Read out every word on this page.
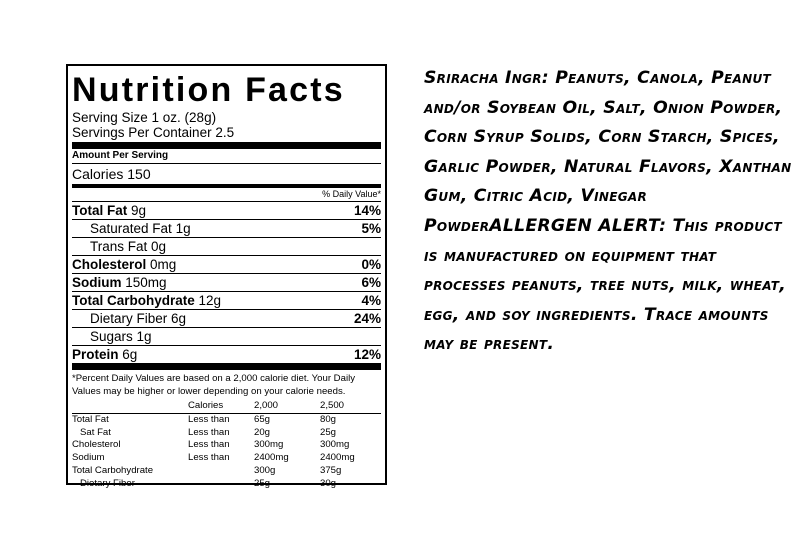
Nutrition Facts
Serving Size 1 oz. (28g)
Servings Per Container 2.5
Amount Per Serving
Calories 150
% Daily Value*
Total Fat 9g	14%
Saturated Fat 1g	5%
Trans Fat 0g
Cholesterol 0mg	0%
Sodium 150mg	6%
Total Carbohydrate 12g	4%
Dietary Fiber 6g	24%
Sugars 1g
Protein 6g	12%

*Percent Daily Values are based on a 2,000 calorie diet. Your Daily Values may be higher or lower depending on your calorie needs.

	Calories	2,000	2,500
Total Fat	Less than	65g	80g
Sat Fat	Less than	20g	25g
Cholesterol	Less than	300mg	300mg
Sodium	Less than	2400mg	2400mg
Total Carbohydrate		300g	375g
Dietary Fiber		25g	30g
Sriracha Ingr: Peanuts, Canola, Peanut and/or Soybean Oil, Salt, Onion Powder, Corn Syrup Solids, Corn Starch, Spices, Garlic Powder, Natural Flavors, Xanthan Gum, Citric Acid, Vinegar PowderALLERGEN ALERT: This product is manufactured on equipment that processes peanuts, tree nuts, milk, wheat, egg, and soy ingredients. Trace amounts may be present.
